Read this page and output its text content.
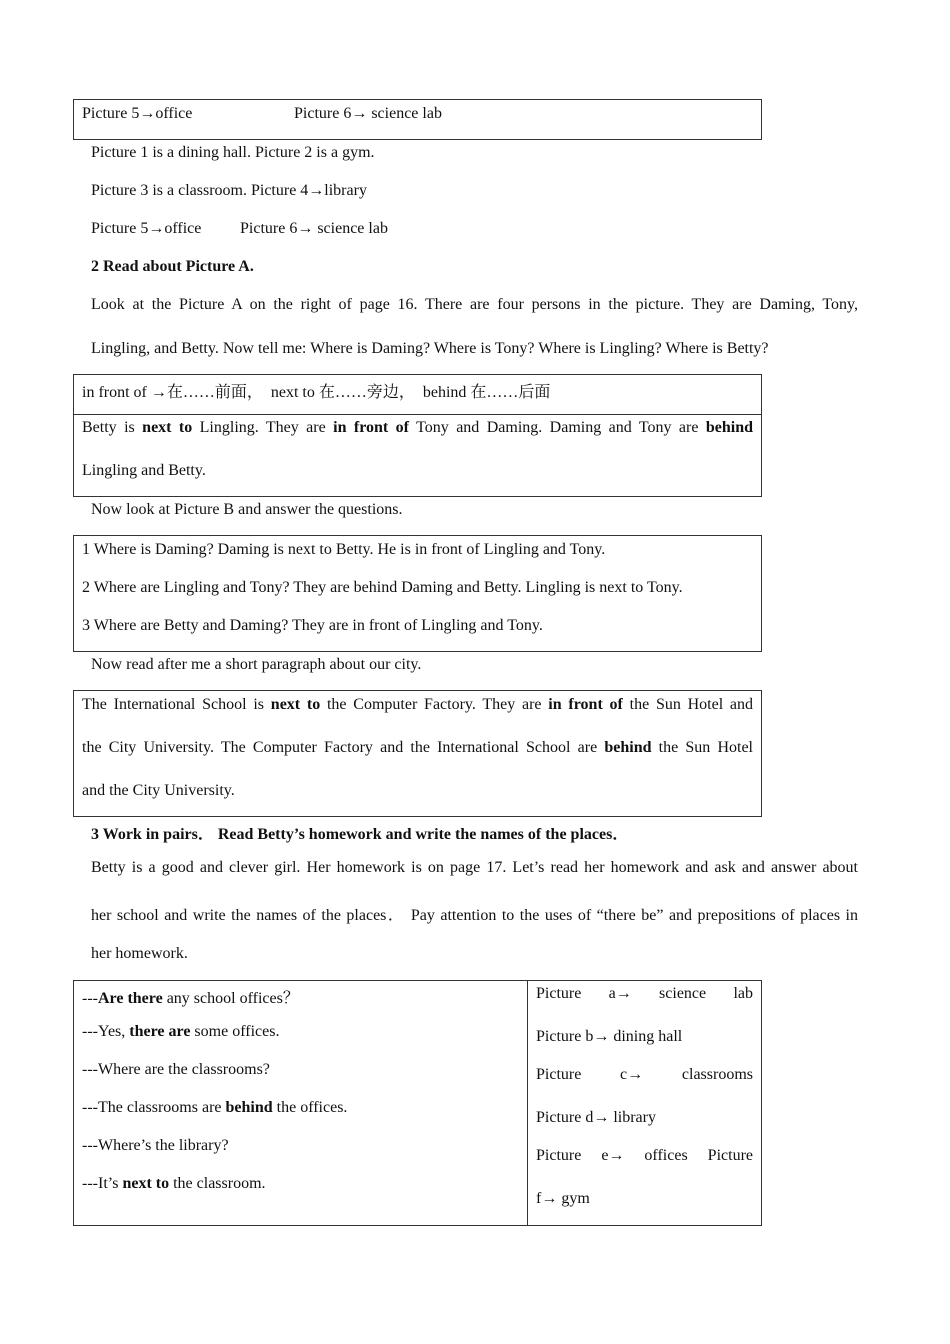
Picture 5→office	Picture 6→ science lab
Picture 1 is a dining hall. Picture 2 is a gym.
Picture 3 is a classroom. Picture 4→library
Picture 5→office Picture 6→ science lab
2 Read about Picture A.
Look at the Picture A on the right of page 16. There are four persons in the picture. They are Daming, Tony,
Lingling, and Betty. Now tell me: Where is Daming? Where is Tony? Where is Lingling? Where is Betty?
in front of →在……前面，  next to 在……旁边，  behind 在……后面
Betty is next to Lingling. They are in front of Tony and Daming. Daming and Tony are behind
Lingling and Betty.
Now look at Picture B and answer the questions.
1 Where is Daming? Daming is next to Betty. He is in front of Lingling and Tony.
2 Where are Lingling and Tony? They are behind Daming and Betty. Lingling is next to Tony.
3 Where are Betty and Daming? They are in front of Lingling and Tony.
Now read after me a short paragraph about our city.
The International School is next to the Computer Factory. They are in front of the Sun Hotel and
the City University. The Computer Factory and the International School are behind the Sun Hotel
and the City University.
3 Work in pairs． Read Betty’s homework and write the names of the places．
Betty is a good and clever girl. Her homework is on page 17. Let’s read her homework and ask and answer about
her school and write the names of the places． Pay attention to the uses of “there be” and prepositions of places in
her homework.
---Are there any school offices？
---Yes, there are some offices.
---Where are the classrooms?
---The classrooms are behind the offices.
---Where’s the library?
---It’s next to the classroom.
Picture a→ science lab
Picture b→ dining hall
Picture c→ classrooms
Picture d→ library
Picture e→ offices Picture
f→ gym
